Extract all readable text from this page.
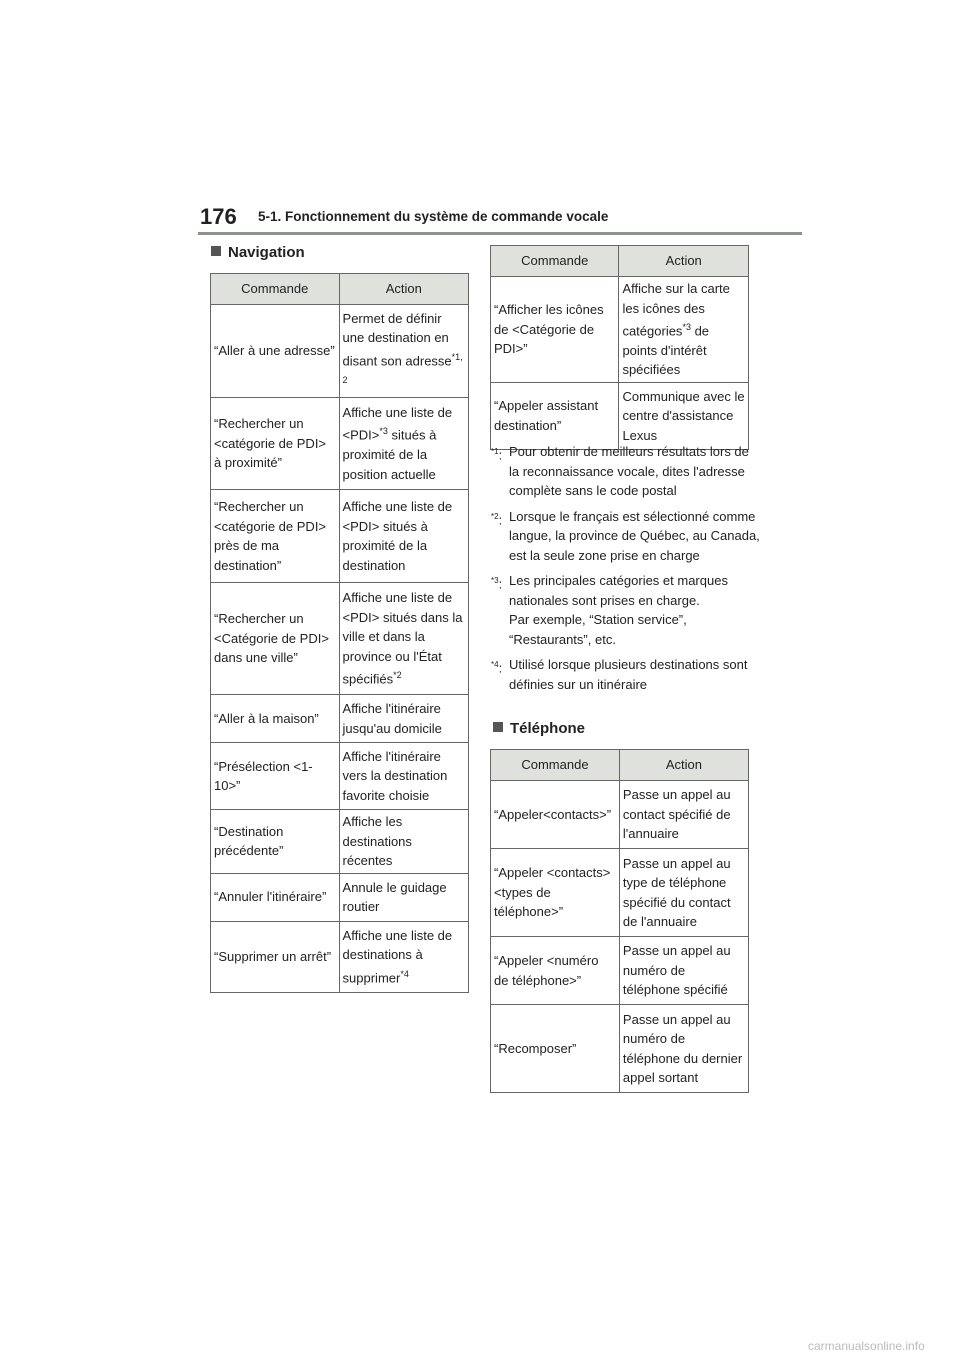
176 5-1. Fonctionnement du système de commande vocale
Navigation
Commande	Action
“Aller à une adresse”	Permet de définir une destination en disant son adresse$^{*1, 2}$
“Rechercher un <catégorie de PDI> à proximité”	Affiche une liste de <PDI>$^{*3}$ situés à proximité de la position actuelle
“Rechercher un <catégorie de PDI> près de ma destination”	Affiche une liste de <PDI> situés à proximité de la destination
“Rechercher un <Catégorie de PDI> dans une ville”	Affiche une liste de <PDI> situés dans la ville et dans la province ou l'État spécifiés$^{*2}$
“Aller à la maison”	Affiche l'itinéraire jusqu'au domicile
“Présélection <1-10>”	Affiche l'itinéraire vers la destination favorite choisie
“Destination précédente”	Affiche les destinations récentes
“Annuler l'itinéraire”	Annule le guidage routier
“Supprimer un arrêt”	Affiche une liste de destinations à supprimer$^{*4}$
Commande	Action
“Afficher les icônes de <Catégorie de PDI>”	Affiche sur la carte les icônes des catégories$^{*3}$ de points d'intérêt spécifiées
“Appeler assistant destination”	Communique avec le centre d'assistance Lexus
$^{*1}$: Pour obtenir de meilleurs résultats lors de la reconnaissance vocale, dites l'adresse complète sans le code postal
$^{*2}$: Lorsque le français est sélectionné comme langue, la province de Québec, au Canada, est la seule zone prise en charge
$^{*3}$: Les principales catégories et marques nationales sont prises en charge.
Par exemple, “Station service”, “Restaurants”, etc.
$^{*4}$: Utilisé lorsque plusieurs destinations sont définies sur un itinéraire
Téléphone
Commande	Action
“Appeler<contacts>”	Passe un appel au contact spécifié de l'annuaire
“Appeler <contacts> <types de téléphone>”	Passe un appel au type de téléphone spécifié du contact de l'annuaire
“Appeler <numéro de téléphone>”	Passe un appel au numéro de téléphone spécifié
“Recomposer”	Passe un appel au numéro de téléphone du dernier appel sortant
carmanualsonline.info
